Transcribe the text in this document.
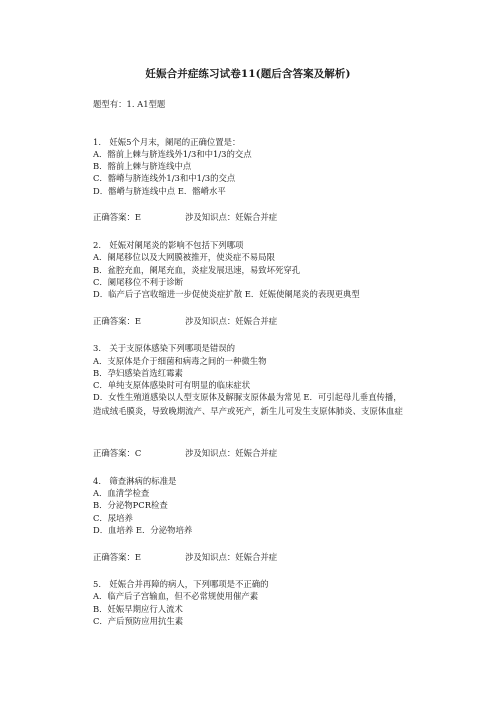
妊娠合并症练习试卷11(题后含答案及解析)
题型有：1. A1型题
1.　妊娠5个月末，阑尾的正确位置是：
A．髂前上棘与脐连线外1/3和中1/3的交点
B．髂前上棘与脐连线中点
C．髂嵴与脐连线外1/3和中1/3的交点
D．髂嵴与脐连线中点 E．髂嵴水平
正确答案：E	涉及知识点：妊娠合并症
2.　妊娠对阑尾炎的影响不包括下列哪项
A．阑尾移位以及大网膜被推开，使炎症不易局限
B．盆腔充血，阑尾充血，炎症发展迅速，易致坏死穿孔
C．阑尾移位不利于诊断
D．临产后子宫收缩进一步促使炎症扩散 E．妊娠使阑尾炎的表现更典型
正确答案：E	涉及知识点：妊娠合并症
3.　关于支原体感染下列哪项是错误的
A．支原体是介于细菌和病毒之间的一种微生物
B．孕妇感染首选红霉素
C．单纯支原体感染时可有明显的临床症状
D．女性生殖道感染以人型支原体及解脲支原体最为常见 E．可引起母儿垂直传播，造成绒毛膜炎，导致晚期流产、早产或死产，新生儿可发生支原体肺炎、支原体血症
正确答案：C	涉及知识点：妊娠合并症
4.　筛查淋病的标准是
A．血清学检查
B．分泌物PCR检查
C．尿培养
D．血培养 E．分泌物培养
正确答案：E	涉及知识点：妊娠合并症
5.　妊娠合并再障的病人，下列哪项是不正确的
A．临产后子宫输血，但不必常规使用催产素
B．妊娠早期应行人流术
C．产后预防应用抗生素
